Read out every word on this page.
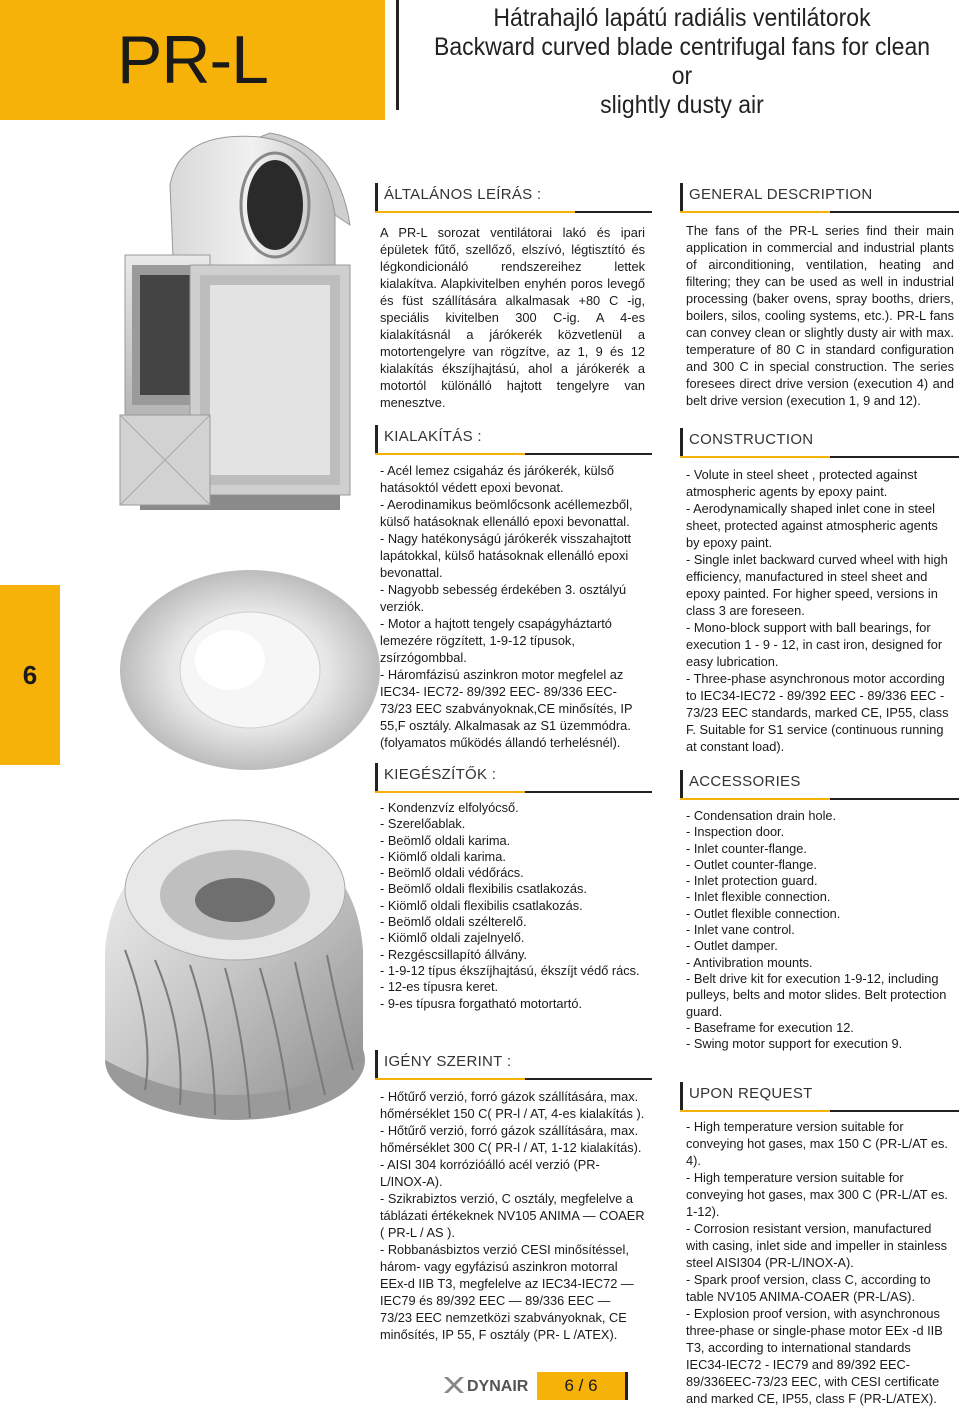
PR-L
Hátrahajló lapátú radiális ventilátorok
Backward curved blade centrifugal fans for clean or
slightly dusty air
6
ÁLTALÁNOS LEÍRÁS :
A PR-L sorozat ventilátorai lakó és ipari épületek fűtő, szellőző, elszívó, légtisztító és légkondicionáló rendszereihez lettek kialakítva. Alapkivitelben enyhén poros levegő és füst szállítására alkalmasak +80 C -ig, speciális kivitelben 300 C-ig. A 4-es kialakításnál a járókerék közvetlenül a motortengelyre van rögzítve, az 1, 9 és 12 kialakítás ékszíjhajtású, ahol a járókerék a motortól különálló hajtott tengelyre van menesztve.
KIALAKÍTÁS :

- Acél lemez csigaház és járókerék, külső hatásoktól védett epoxi bevonat.

- Aerodinamikus beömlőcsonk acéllemezből, külső hatásoknak ellenálló epoxi bevonattal.

- Nagy hatékonyságú járókerék visszahajtott lapátokkal, külső hatásoknak ellenálló epoxi bevonattal.

- Nagyobb sebesség érdekében 3. osztályú verziók.

- Motor a hajtott tengely csapágyháztartó lemezére rögzített, 1-9-12 típusok, zsírzógombbal.

- Háromfázisú aszinkron motor megfelel az IEC34- IEC72- 89/392 EEC- 89/336 EEC- 73/23 EEC szabványoknak,CE minősítés, IP 55,F osztály. Alkalmasak az S1 üzemmódra. (folyamatos működés állandó terhelésnél).

KIEGÉSZÍTŐK :
- Kondenzvíz elfolyócső.
- Szerelőablak.
- Beömlő oldali karima.
- Kiömlő oldali karima.
- Beömlő oldali védőrács.
- Beömlő oldali flexibilis csatlakozás.
- Kiömlő oldali flexibilis csatlakozás.
- Beömlő oldali szélterelő.
- Kiömlő oldali zajelnyelő.
- Rezgéscsillapító állvány.
- 1-9-12 típus ékszíjhajtású, ékszíjt védő rács.
- 12-es típusra keret.
- 9-es típusra forgatható motortartó.
IGÉNY SZERINT :

- Hőtűrő verzió, forró gázok szállítására, max. hőmérséklet 150 C( PR-l / AT, 4-es kialakítás ).

- Hőtűrő verzió, forró gázok szállítására, max. hőmérséklet 300 C( PR-l / AT, 1-12 kialakítás).

- AISI 304 korrózióálló acél verzió (PR-L/INOX-A).

- Szikrabiztos verzió, C osztály, megfelelve a táblázati értékeknek NV105 ANIMA — COAER ( PR-L / AS ).

- Robbanásbiztos verzió CESI minősítéssel, három- vagy egyfázisú aszinkron motorral EEx-d IIB T3, megfelelve az IEC34-IEC72 — IEC79 és 89/392 EEC — 89/336 EEC — 73/23 EEC nemzetközi szabványoknak, CE minősítés, IP 55, F osztály (PR- L /ATEX).

GENERAL DESCRIPTION
The fans of the PR-L series find their main application in commercial and industrial plants of airconditioning, ventilation, heating and filtering; they can be used as well in industrial processing (baker ovens, spray booths, driers, boilers, silos, cooling systems, etc.). PR-L fans can convey clean or slightly dusty air with max. temperature of 80 C in standard configuration and 300 C in special construction. The series foresees direct drive version (execution 4) and belt drive version (execution 1, 9 and 12).
CONSTRUCTION

- Volute in steel sheet , protected against atmospheric agents by epoxy paint.

- Aerodynamically shaped inlet cone in steel sheet, protected against atmospheric agents by epoxy paint.

- Single inlet backward curved wheel with high efficiency, manufactured in steel sheet and epoxy painted. For higher speed, versions in class 3 are foreseen.

- Mono-block support with ball bearings, for execution 1 - 9 - 12, in cast iron, designed for easy lubrication.

- Three-phase asynchronous motor according to IEC34-IEC72 - 89/392 EEC - 89/336 EEC - 73/23 EEC standards, marked CE, IP55, class F. Suitable for S1 service (continuous running at constant load).

ACCESSORIES

- Condensation drain hole.

- Inspection door.

- Inlet counter-flange.

- Outlet counter-flange.

- Inlet protection guard.

- Inlet flexible connection.

- Outlet flexible connection.

- Inlet vane control.

- Outlet damper.

- Antivibration mounts.

- Belt drive kit for execution 1-9-12, including pulleys, belts and motor slides. Belt protection guard.

- Baseframe for execution 12.

- Swing motor support for execution 9.

UPON REQUEST

- High temperature version suitable for conveying hot gases, max 150 C (PR-L/AT es. 4).

- High temperature version suitable for conveying hot gases, max 300 C (PR-L/AT es. 1-12).

- Corrosion resistant version, manufactured with casing, inlet side and impeller in stainless steel AISI304 (PR-L/INOX-A).

- Spark proof version, class C, according to table NV105 ANIMA-COAER (PR-L/AS).

- Explosion proof version, with asynchronous three-phase or single-phase motor EEx -d IIB T3, according to international standards IEC34-IEC72 - IEC79 and 89/392 EEC-89/336EEC-73/23 EEC, with CESI certificate and marked CE, IP55, class F (PR-L/ATEX).

DYNAIR	6 / 6
